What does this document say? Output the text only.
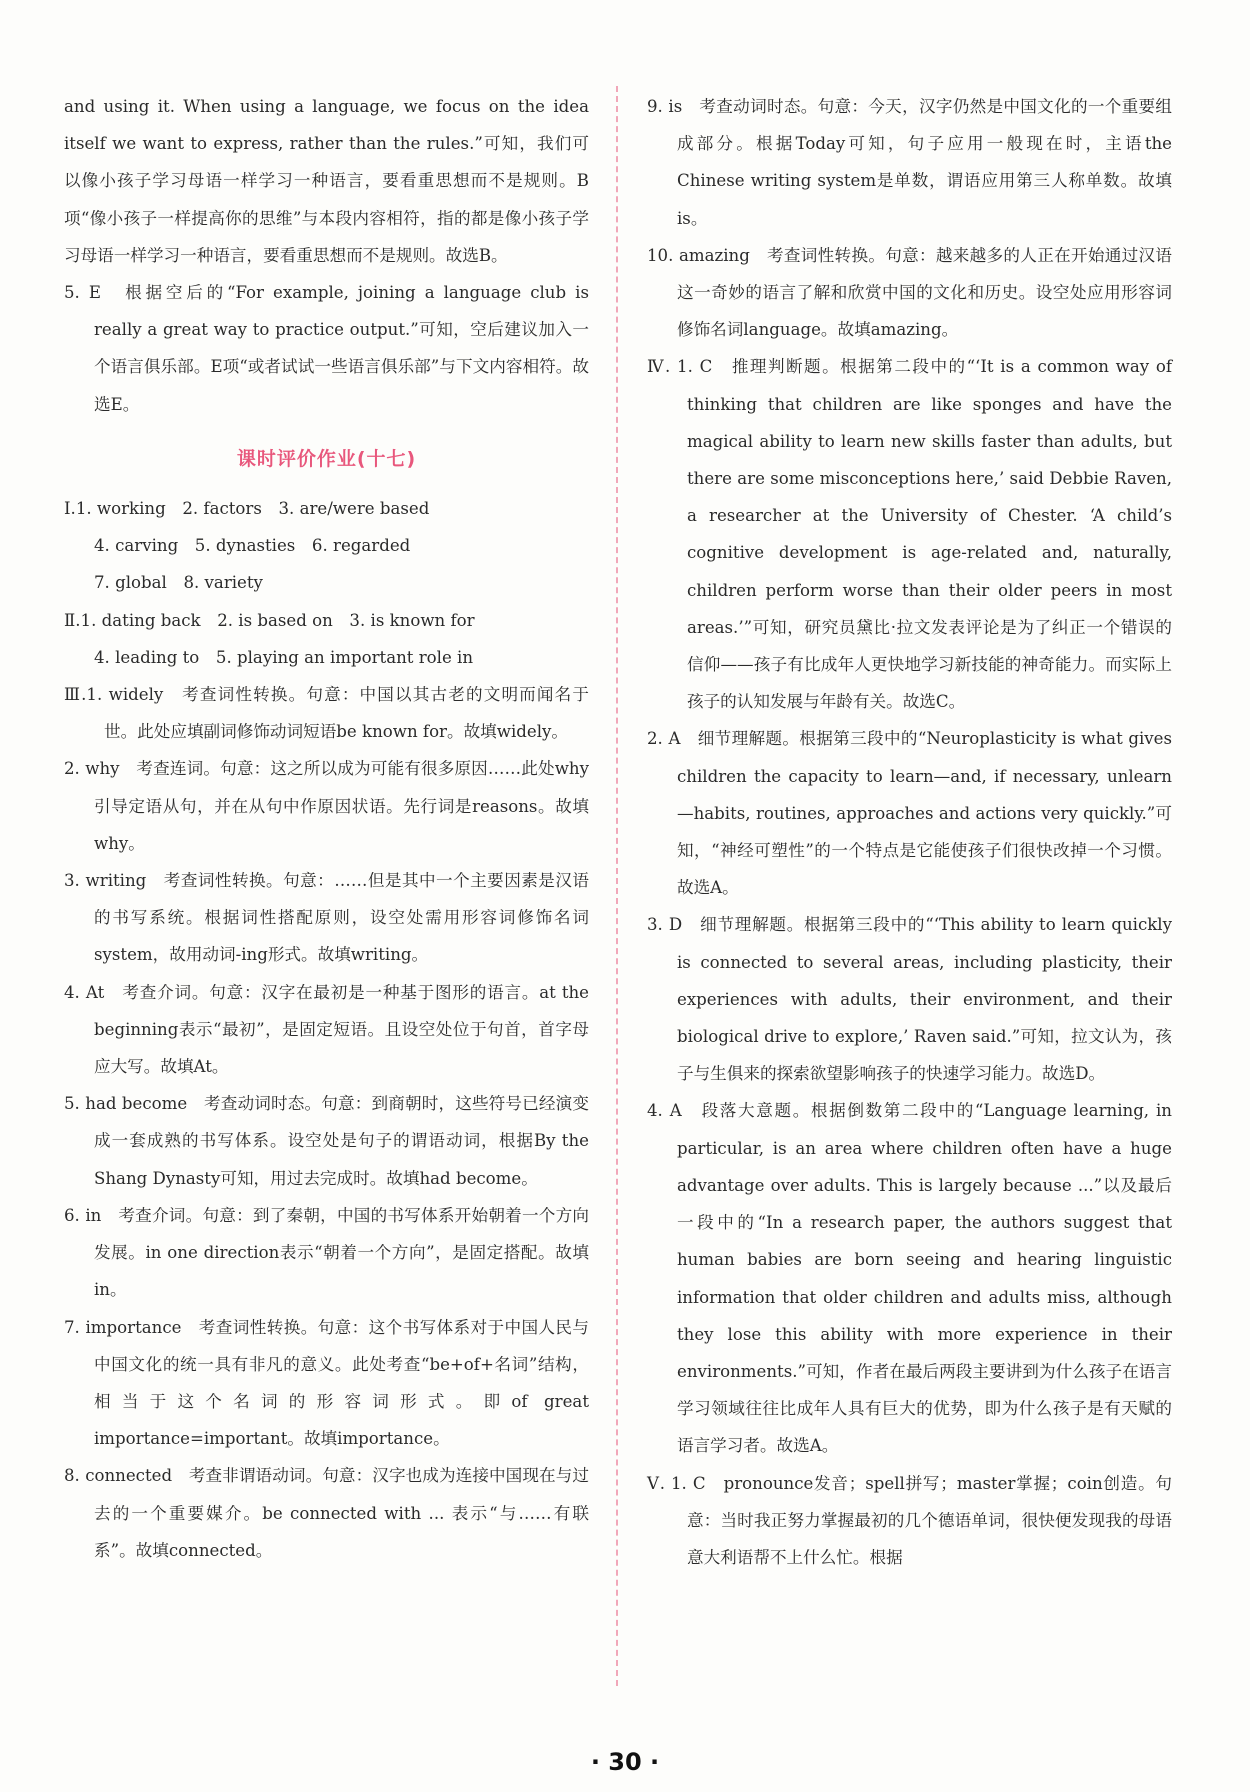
and using it. When using a language, we focus on the idea itself we want to express, rather than the rules.”可知，我们可以像小孩子学习母语一样学习一种语言，要看重思想而不是规则。B项“像小孩子一样提高你的思维”与本段内容相符，指的都是像小孩子学习母语一样学习一种语言，要看重思想而不是规则。故选B。

5. E　根据空后的“For example, joining a language club is really a great way to practice output.”可知，空后建议加入一个语言俱乐部。E项“或者试试一些语言俱乐部”与下文内容相符。故选E。

课时评价作业(十七)

Ⅰ.1. working　2. factors　3. are/were based

4. carving　5. dynasties　6. regarded

7. global　8. variety

Ⅱ.1. dating back　2. is based on　3. is known for

4. leading to　5. playing an important role in

Ⅲ.1. widely　考查词性转换。句意：中国以其古老的文明而闻名于世。此处应填副词修饰动词短语be known for。故填widely。

2. why　考查连词。句意：这之所以成为可能有很多原因……此处why引导定语从句，并在从句中作原因状语。先行词是reasons。故填why。

3. writing　考查词性转换。句意：……但是其中一个主要因素是汉语的书写系统。根据词性搭配原则，设空处需用形容词修饰名词system，故用动词-ing形式。故填writing。

4. At　考查介词。句意：汉字在最初是一种基于图形的语言。at the beginning表示“最初”，是固定短语。且设空处位于句首，首字母应大写。故填At。

5. had become　考查动词时态。句意：到商朝时，这些符号已经演变成一套成熟的书写体系。设空处是句子的谓语动词，根据By the Shang Dynasty可知，用过去完成时。故填had become。

6. in　考查介词。句意：到了秦朝，中国的书写体系开始朝着一个方向发展。in one direction表示“朝着一个方向”，是固定搭配。故填in。

7. importance　考查词性转换。句意：这个书写体系对于中国人民与中国文化的统一具有非凡的意义。此处考查“be+of+名词”结构，相当于这个名词的形容词形式。即of great importance=important。故填importance。

8. connected　考查非谓语动词。句意：汉字也成为连接中国现在与过去的一个重要媒介。be connected with ... 表示“与……有联系”。故填connected。

9. is　考查动词时态。句意：今天，汉字仍然是中国文化的一个重要组成部分。根据Today可知，句子应用一般现在时，主语the Chinese writing system是单数，谓语应用第三人称单数。故填is。

10. amazing　考查词性转换。句意：越来越多的人正在开始通过汉语这一奇妙的语言了解和欣赏中国的文化和历史。设空处应用形容词修饰名词language。故填amazing。

Ⅳ. 1. C　推理判断题。根据第二段中的“‘It is a common way of thinking that children are like sponges and have the magical ability to learn new skills faster than adults, but there are some misconceptions here,’ said Debbie Raven, a researcher at the University of Chester. ‘A child’s cognitive development is age-related and, naturally, children perform worse than their older peers in most areas.’”可知，研究员黛比·拉文发表评论是为了纠正一个错误的信仰——孩子有比成年人更快地学习新技能的神奇能力。而实际上孩子的认知发展与年龄有关。故选C。

2. A　细节理解题。根据第三段中的“Neuroplasticity is what gives children the capacity to learn—and, if necessary, unlearn—habits, routines, approaches and actions very quickly.”可知，“神经可塑性”的一个特点是它能使孩子们很快改掉一个习惯。故选A。

3. D　细节理解题。根据第三段中的“‘This ability to learn quickly is connected to several areas, including plasticity, their experiences with adults, their environment, and their biological drive to explore,’ Raven said.”可知，拉文认为，孩子与生俱来的探索欲望影响孩子的快速学习能力。故选D。

4. A　段落大意题。根据倒数第二段中的“Language learning, in particular, is an area where children often have a huge advantage over adults. This is largely because ...”以及最后一段中的“In a research paper, the authors suggest that human babies are born seeing and hearing linguistic information that older children and adults miss, although they lose this ability with more experience in their environments.”可知，作者在最后两段主要讲到为什么孩子在语言学习领域往往比成年人具有巨大的优势，即为什么孩子是有天赋的语言学习者。故选A。

Ⅴ. 1. C　pronounce发音；spell拼写；master掌握；coin创造。句意：当时我正努力掌握最初的几个德语单词，很快便发现我的母语意大利语帮不上什么忙。根据

· 30 ·
